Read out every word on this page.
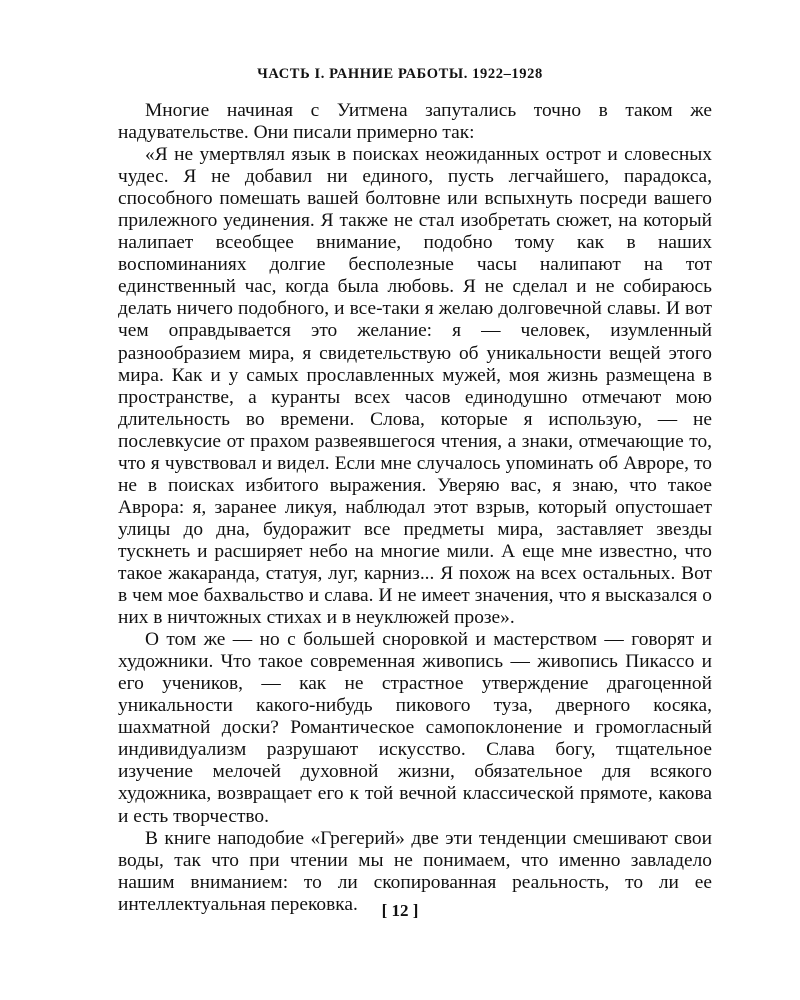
ЧАСТЬ I. РАННИЕ РАБОТЫ. 1922–1928

Многие начиная с Уитмена запутались точно в таком же надувательстве. Они писали примерно так:

«Я не умертвлял язык в поисках неожиданных острот и словесных чудес. Я не добавил ни единого, пусть легчайшего, парадокса, способного помешать вашей болтовне или вспыхнуть посреди вашего прилежного уединения. Я также не стал изобретать сюжет, на который налипает всеобщее внимание, подобно тому как в наших воспоминаниях долгие бесполезные часы налипают на тот единственный час, когда была любовь. Я не сделал и не собираюсь делать ничего подобного, и все-таки я желаю долговечной славы. И вот чем оправдывается это желание: я — человек, изумленный разнообразием мира, я свидетельствую об уникальности вещей этого мира. Как и у самых прославленных мужей, моя жизнь размещена в пространстве, а куранты всех часов единодушно отмечают мою длительность во времени. Слова, которые я использую, — не послевкусие от прахом развеявшегося чтения, а знаки, отмечающие то, что я чувствовал и видел. Если мне случалось упоминать об Авроре, то не в поисках избитого выражения. Уверяю вас, я знаю, что такое Аврора: я, заранее ликуя, наблюдал этот взрыв, который опустошает улицы до дна, будоражит все предметы мира, заставляет звезды тускнеть и расширяет небо на многие мили. А еще мне известно, что такое жакаранда, статуя, луг, карниз... Я похож на всех остальных. Вот в чем мое бахвальство и слава. И не имеет значения, что я высказался о них в ничтожных стихах и в неуклюжей прозе».

О том же — но с большей сноровкой и мастерством — говорят и художники. Что такое современная живопись — живопись Пикассо и его учеников, — как не страстное утверждение драгоценной уникальности какого-нибудь пикового туза, дверного косяка, шахматной доски? Романтическое самопоклонение и громогласный индивидуализм разрушают искусство. Слава богу, тщательное изучение мелочей духовной жизни, обязательное для всякого художника, возвращает его к той вечной классической прямоте, какова и есть творчество.

В книге наподобие «Грегерий» две эти тенденции смешивают свои воды, так что при чтении мы не понимаем, что именно завладело нашим вниманием: то ли скопированная реальность, то ли ее интеллектуальная перековка.	[ 12 ]
